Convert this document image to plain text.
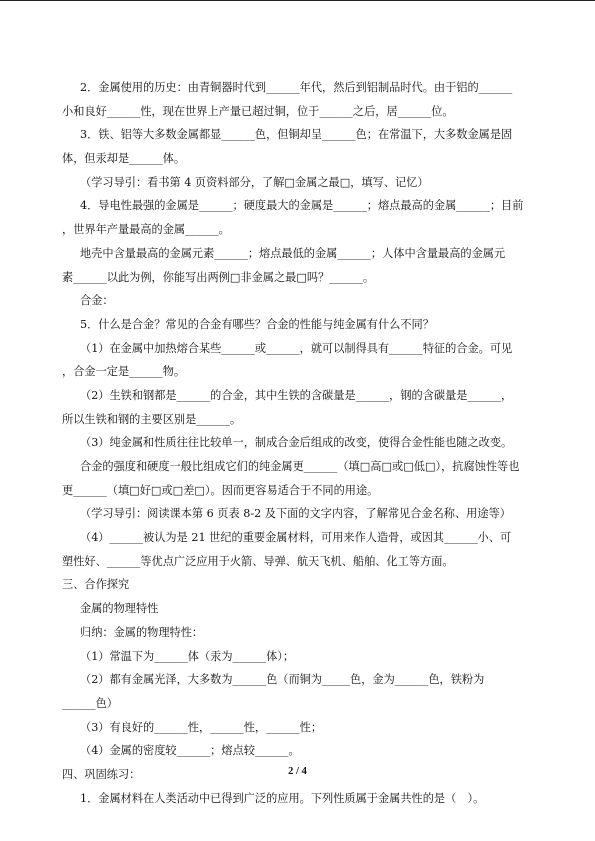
2．金属使用的历史：由青铜器时代到______年代，然后到铝制品时代。由于铝的______
小和良好______性，现在世界上产量已超过铜，位于______之后，居______位。
3．铁、铝等大多数金属都显______色，但铜却呈______色；在常温下，大多数金属是固
体，但汞却是______体。
（学习导引：看书第 4 页资料部分，了解□金属之最□，填写、记忆）
4．导电性最强的金属是______；硬度最大的金属是______；熔点最高的金属______；目前
，世界年产量最高的金属______。
地壳中含量最高的金属元素______；熔点最低的金属______；人体中含量最高的金属元
素______以此为例，你能写出两例□非金属之最□吗？______。
合金：
5．什么是合金？常见的合金有哪些？合金的性能与纯金属有什么不同？
（1）在金属中加热熔合某些______或______，就可以制得具有______特征的合金。可见
，合金一定是______物。
（2）生铁和钢都是______的合金，其中生铁的含碳量是______，钢的含碳量是______，
所以生铁和钢的主要区别是______。
（3）纯金属和性质往往比较单一，制成合金后组成的改变，使得合金性能也随之改变。
合金的强度和硬度一般比组成它们的纯金属更______（填□高□或□低□），抗腐蚀性等也
更______（填□好□或□差□）。因而更容易适合于不同的用途。
（学习导引：阅读课本第 6 页表 8-2 及下面的文字内容，了解常见合金名称、用途等）
（4）______被认为是 21 世纪的重要金属材料，可用来作人造骨，或因其______小、可
塑性好、______等优点广泛应用于火箭、导弹、航天飞机、船舶、化工等方面。
三、合作探究
金属的物理特性
归纳：金属的物理特性：
（1）常温下为______体（汞为______体）；
（2）都有金属光泽，大多数为______色（而铜为_____色，金为______色，铁粉为
______色）
（3）有良好的______性，______性，______性；
（4）金属的密度较______；熔点较______。
四、巩固练习：
1．金属材料在人类活动中已得到广泛的应用。下列性质属于金属共性的是（　）。
2 / 4
